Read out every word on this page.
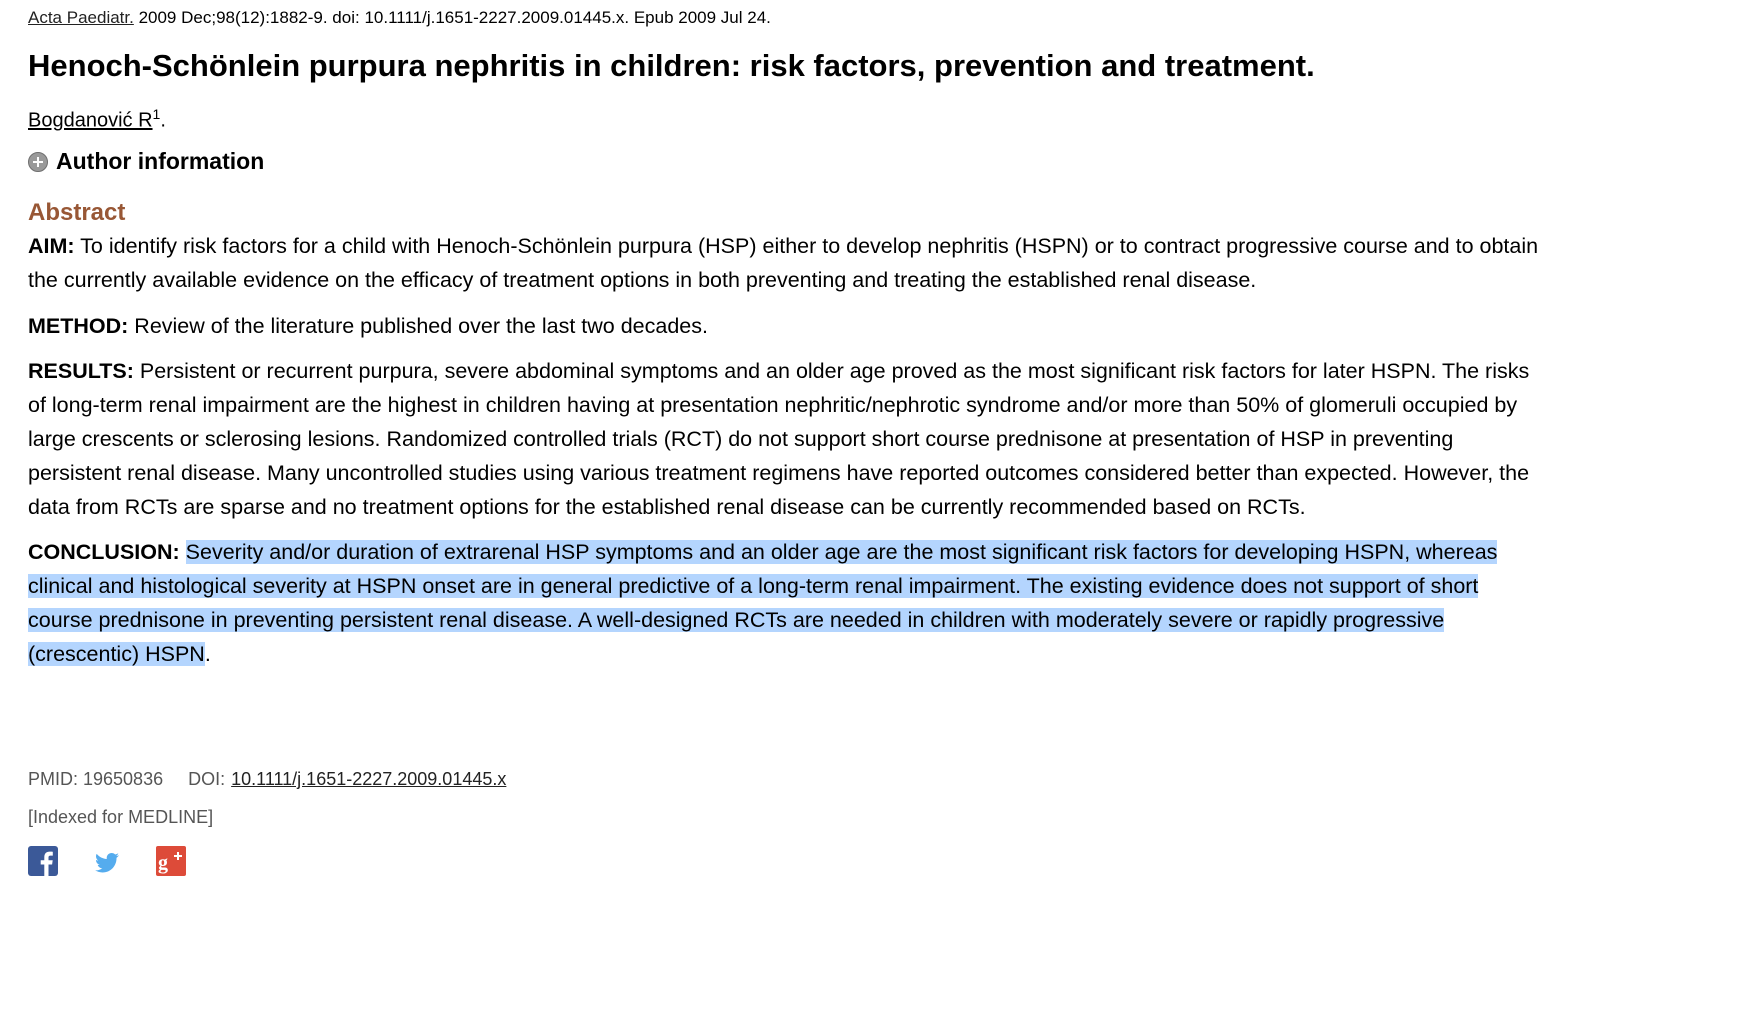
Acta Paediatr. 2009 Dec;98(12):1882-9. doi: 10.1111/j.1651-2227.2009.01445.x. Epub 2009 Jul 24.
Henoch-Schönlein purpura nephritis in children: risk factors, prevention and treatment.
Bogdanović $R^1$.
Author information
Abstract

AIM: To identify risk factors for a child with Henoch-Schönlein purpura (HSP) either to develop nephritis (HSPN) or to contract progressive course and to obtain the currently available evidence on the efficacy of treatment options in both preventing and treating the established renal disease.

METHOD: Review of the literature published over the last two decades.

RESULTS: Persistent or recurrent purpura, severe abdominal symptoms and an older age proved as the most significant risk factors for later HSPN. The risks of long-term renal impairment are the highest in children having at presentation nephritic/nephrotic syndrome and/or more than 50% of glomeruli occupied by large crescents or sclerosing lesions. Randomized controlled trials (RCT) do not support short course prednisone at presentation of HSP in preventing persistent renal disease. Many uncontrolled studies using various treatment regimens have reported outcomes considered better than expected. However, the data from RCTs are sparse and no treatment options for the established renal disease can be currently recommended based on RCTs.

CONCLUSION: Severity and/or duration of extrarenal HSP symptoms and an older age are the most significant risk factors for developing HSPN, whereas clinical and histological severity at HSPN onset are in general predictive of a long-term renal impairment. The existing evidence does not support of short course prednisone in preventing persistent renal disease. A well-designed RCTs are needed in children with moderately severe or rapidly progressive (crescentic) HSPN.

PMID: 19650836 DOI: 10.1111/j.1651-2227.2009.01445.x
[Indexed for MEDLINE]
g
